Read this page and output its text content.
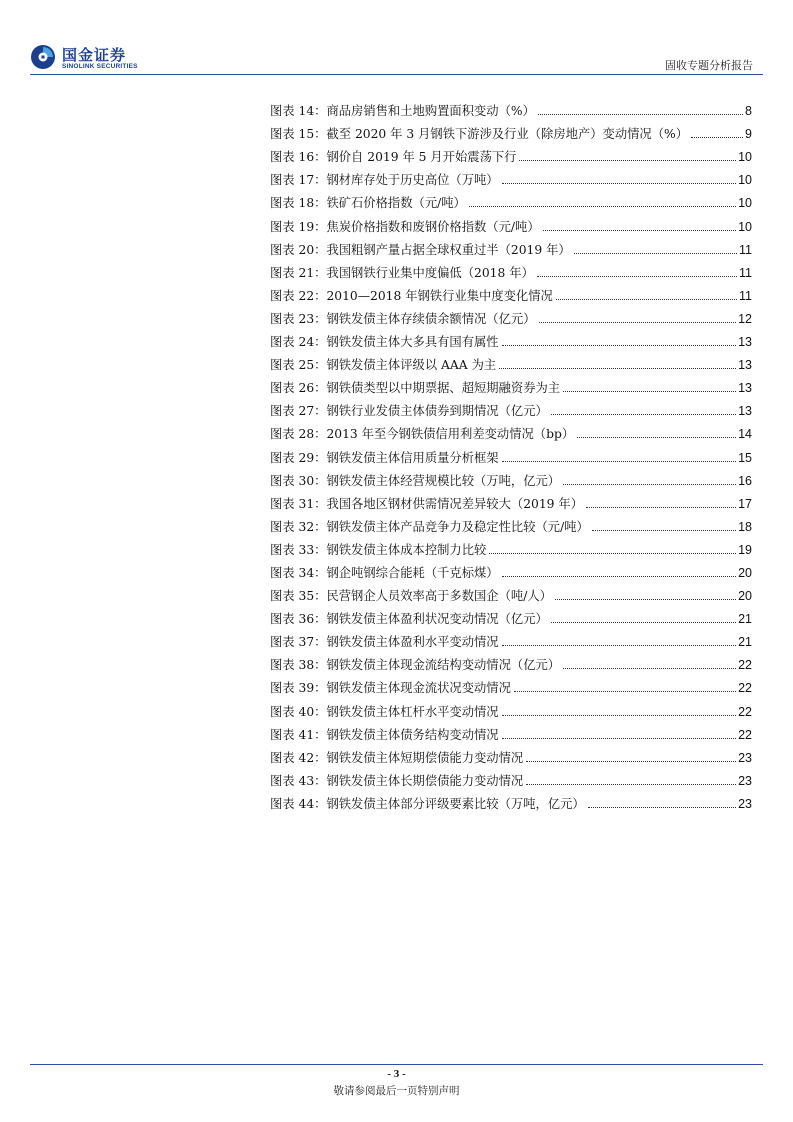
国金证券
SINOLINK SECURITIES	固收专题分析报告
图表 14：商品房销售和土地购置面积变动（%）	8
图表 15：截至 2020 年 3 月钢铁下游涉及行业（除房地产）变动情况（%）	9
图表 16：钢价自 2019 年 5 月开始震荡下行	10
图表 17：钢材库存处于历史高位（万吨）	10
图表 18：铁矿石价格指数（元/吨）	10
图表 19：焦炭价格指数和废钢价格指数（元/吨）	10
图表 20：我国粗钢产量占据全球权重过半（2019 年）	11
图表 21：我国钢铁行业集中度偏低（2018 年）	11
图表 22：2010—2018 年钢铁行业集中度变化情况	11
图表 23：钢铁发债主体存续债余额情况（亿元）	12
图表 24：钢铁发债主体大多具有国有属性	13
图表 25：钢铁发债主体评级以 AAA 为主	13
图表 26：钢铁债类型以中期票据、超短期融资券为主	13
图表 27：钢铁行业发债主体债券到期情况（亿元）	13
图表 28：2013 年至今钢铁债信用利差变动情况（bp）	14
图表 29：钢铁发债主体信用质量分析框架	15
图表 30：钢铁发债主体经营规模比较（万吨，亿元）	16
图表 31：我国各地区钢材供需情况差异较大（2019 年）	17
图表 32：钢铁发债主体产品竞争力及稳定性比较（元/吨）	18
图表 33：钢铁发债主体成本控制力比较	19
图表 34：钢企吨钢综合能耗（千克标煤）	20
图表 35：民营钢企人员效率高于多数国企（吨/人）	20
图表 36：钢铁发债主体盈利状况变动情况（亿元）	21
图表 37：钢铁发债主体盈利水平变动情况	21
图表 38：钢铁发债主体现金流结构变动情况（亿元）	22
图表 39：钢铁发债主体现金流状况变动情况	22
图表 40：钢铁发债主体杠杆水平变动情况	22
图表 41：钢铁发债主体债务结构变动情况	22
图表 42：钢铁发债主体短期偿债能力变动情况	23
图表 43：钢铁发债主体长期偿债能力变动情况	23
图表 44：钢铁发债主体部分评级要素比较（万吨，亿元）	23
- 3 -
敬请参阅最后一页特别声明
